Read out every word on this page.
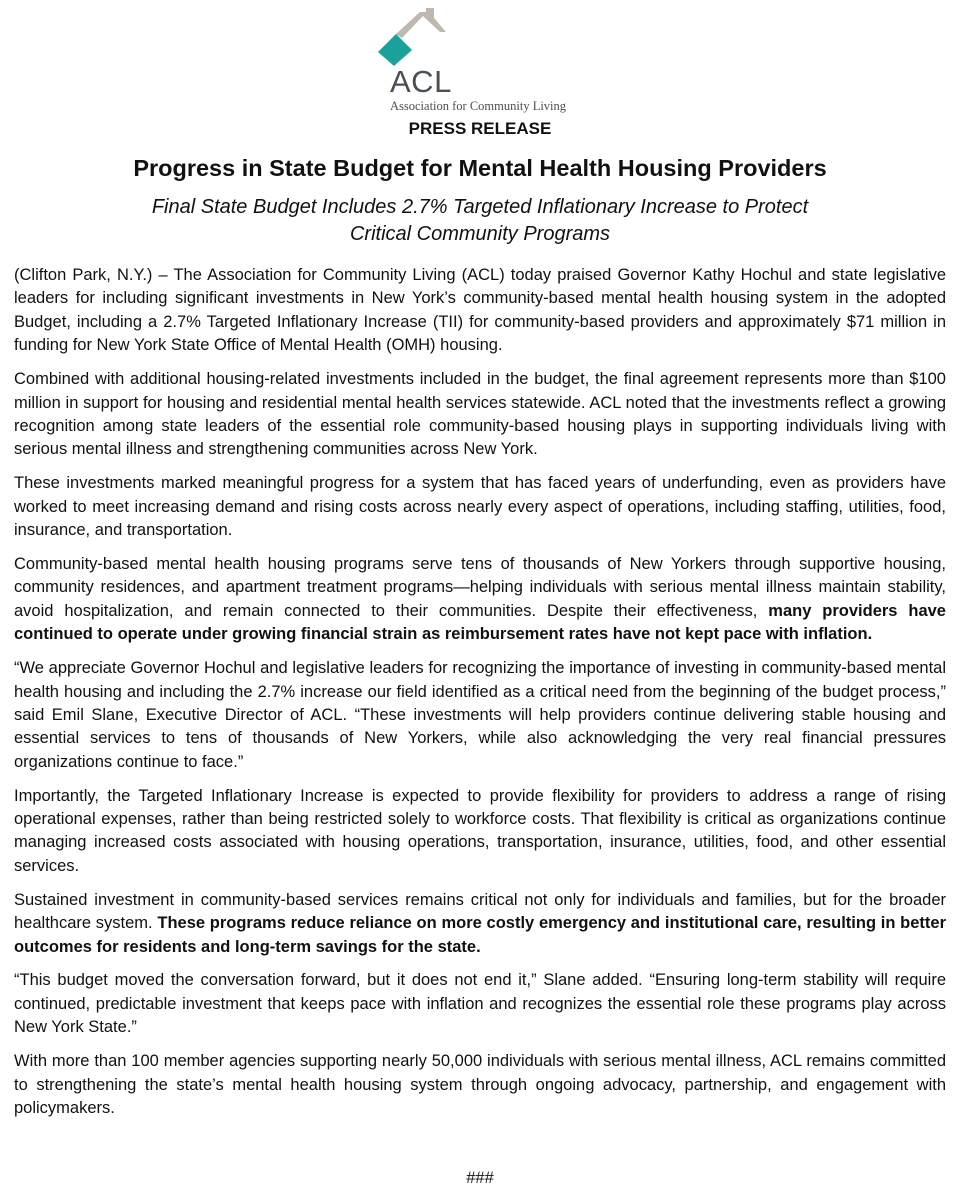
ACL
Association for Community Living
PRESS RELEASE
Progress in State Budget for Mental Health Housing Providers
Final State Budget Includes 2.7% Targeted Inflationary Increase to Protect
Critical Community Programs

(Clifton Park, N.Y.) – The Association for Community Living (ACL) today praised Governor Kathy Hochul and state legislative leaders for including significant investments in New York’s community-based mental health housing system in the adopted Budget, including a 2.7% Targeted Inflationary Increase (TII) for community-based providers and approximately $71 million in funding for New York State Office of Mental Health (OMH) housing.

Combined with additional housing-related investments included in the budget, the final agreement represents more than $100 million in support for housing and residential mental health services statewide. ACL noted that the investments reflect a growing recognition among state leaders of the essential role community-based housing plays in supporting individuals living with serious mental illness and strengthening communities across New York.

These investments marked meaningful progress for a system that has faced years of underfunding, even as providers have worked to meet increasing demand and rising costs across nearly every aspect of operations, including staffing, utilities, food, insurance, and transportation.

Community-based mental health housing programs serve tens of thousands of New Yorkers through supportive housing, community residences, and apartment treatment programs—helping individuals with serious mental illness maintain stability, avoid hospitalization, and remain connected to their communities. Despite their effectiveness, many providers have continued to operate under growing financial strain as reimbursement rates have not kept pace with inflation.

“We appreciate Governor Hochul and legislative leaders for recognizing the importance of investing in community-based mental health housing and including the 2.7% increase our field identified as a critical need from the beginning of the budget process,” said Emil Slane, Executive Director of ACL. “These investments will help providers continue delivering stable housing and essential services to tens of thousands of New Yorkers, while also acknowledging the very real financial pressures organizations continue to face.”

Importantly, the Targeted Inflationary Increase is expected to provide flexibility for providers to address a range of rising operational expenses, rather than being restricted solely to workforce costs. That flexibility is critical as organizations continue managing increased costs associated with housing operations, transportation, insurance, utilities, food, and other essential services.

Sustained investment in community-based services remains critical not only for individuals and families, but for the broader healthcare system. These programs reduce reliance on more costly emergency and institutional care, resulting in better outcomes for residents and long-term savings for the state.

“This budget moved the conversation forward, but it does not end it,” Slane added. “Ensuring long-term stability will require continued, predictable investment that keeps pace with inflation and recognizes the essential role these programs play across New York State.”

With more than 100 member agencies supporting nearly 50,000 individuals with serious mental illness, ACL remains committed to strengthening the state’s mental health housing system through ongoing advocacy, partnership, and engagement with policymakers.

###
